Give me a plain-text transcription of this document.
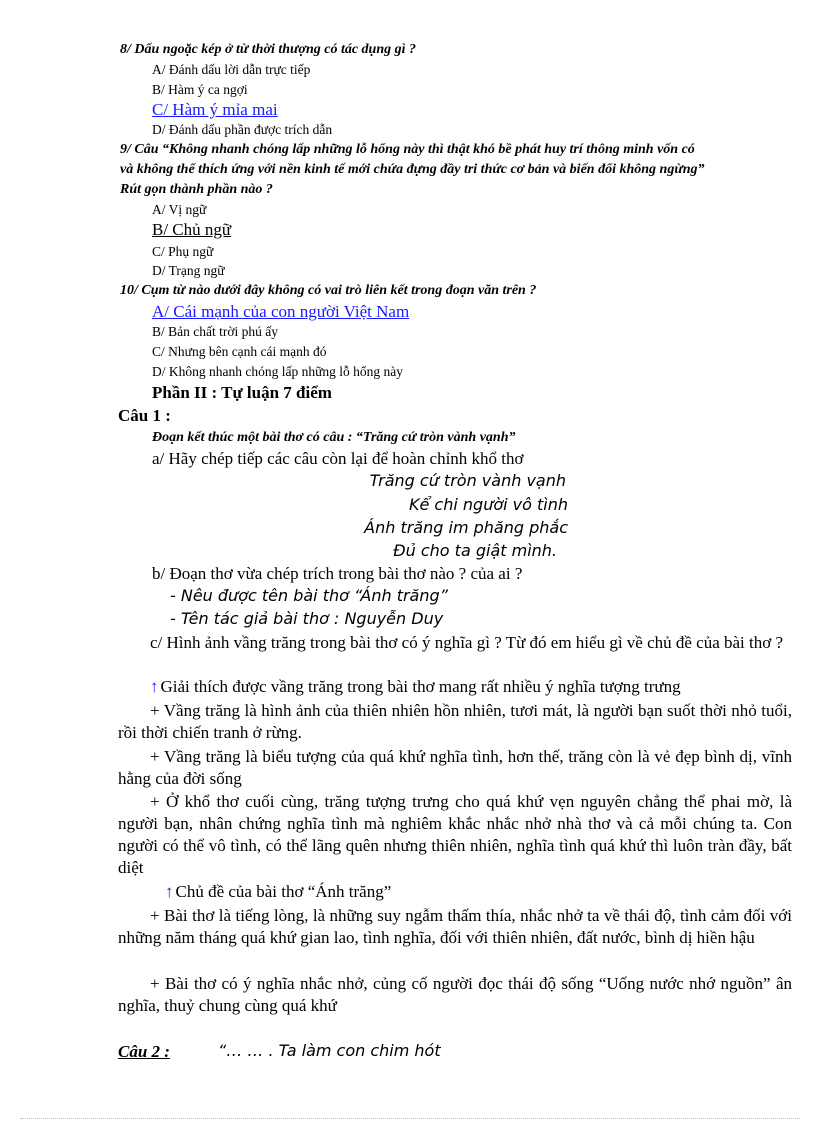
8/ Dấu ngoặc kép ở từ thời thượng có tác dụng gì ?
A/ Đánh dấu lời dẫn trực tiếp
B/ Hàm ý ca ngợi
C/ Hàm ý mỉa mai
D/ Đánh dấu phần được trích dẫn
9/ Câu “Không nhanh chóng lấp những lỗ hổng này thì thật khó bề phát huy trí thông minh vốn có
và không thể thích ứng với nền kinh tế mới chứa đựng đầy tri thức cơ bản và biến đổi không ngừng”
Rút gọn thành phần nào ?
A/ Vị ngữ
B/ Chủ ngữ
C/ Phụ ngữ
D/ Trạng ngữ
10/ Cụm từ nào dưới đây không có vai trò liên kết trong đoạn văn trên ?
A/ Cái mạnh của con người Việt Nam
B/ Bản chất trời phú ấy
C/ Nhưng bên cạnh cái mạnh đó
D/ Không nhanh chóng lấp những lỗ hổng này
Phần II : Tự luận 7 điểm
Câu 1 :
Đoạn kết thúc một bài thơ có câu : “Trăng cứ tròn vành vạnh”
a/ Hãy chép tiếp các câu còn lại để hoàn chỉnh khổ thơ
Trăng cứ tròn vành vạnh
Kể chi người vô tình
Ánh trăng im phăng phắc
Đủ cho ta giật mình.
b/ Đoạn thơ vừa chép trích trong bài thơ nào ? của ai ?
- Nêu được tên bài thơ “Ánh trăng”
- Tên tác giả bài thơ : Nguyễn Duy
c/ Hình ảnh vầng trăng trong bài thơ có ý nghĩa gì ? Từ đó em hiểu gì về chủ đề của bài thơ ?
↑ Giải thích được vầng trăng trong bài thơ mang rất nhiều ý nghĩa tượng trưng
+ Vầng trăng là hình ảnh của thiên nhiên hồn nhiên, tươi mát, là người bạn suốt thời nhỏ tuổi, rồi thời chiến tranh ở rừng.
+ Vầng trăng là biểu tượng của quá khứ nghĩa tình, hơn thế, trăng còn là vẻ đẹp bình dị, vĩnh hằng của đời sống
+ Ở khổ thơ cuối cùng, trăng tượng trưng cho quá khứ vẹn nguyên chẳng thể phai mờ, là người bạn, nhân chứng nghĩa tình mà nghiêm khắc nhắc nhở nhà thơ và cả mỗi chúng ta. Con người có thể vô tình, có thể lãng quên nhưng thiên nhiên, nghĩa tình quá khứ thì luôn tràn đầy, bất diệt
↑ Chủ đề của bài thơ “Ánh trăng”
+ Bài thơ là tiếng lòng, là những suy ngẫm thấm thía, nhắc nhở ta về thái độ, tình cảm đối với những năm tháng quá khứ gian lao, tình nghĩa, đối với thiên nhiên, đất nước, bình dị hiền hậu
+ Bài thơ có ý nghĩa nhắc nhở, củng cố người đọc thái độ sống “Uống nước nhớ nguồn” ân nghĩa, thuỷ chung cùng quá khứ
Câu 2 :	“… … . Ta làm con chim hót
